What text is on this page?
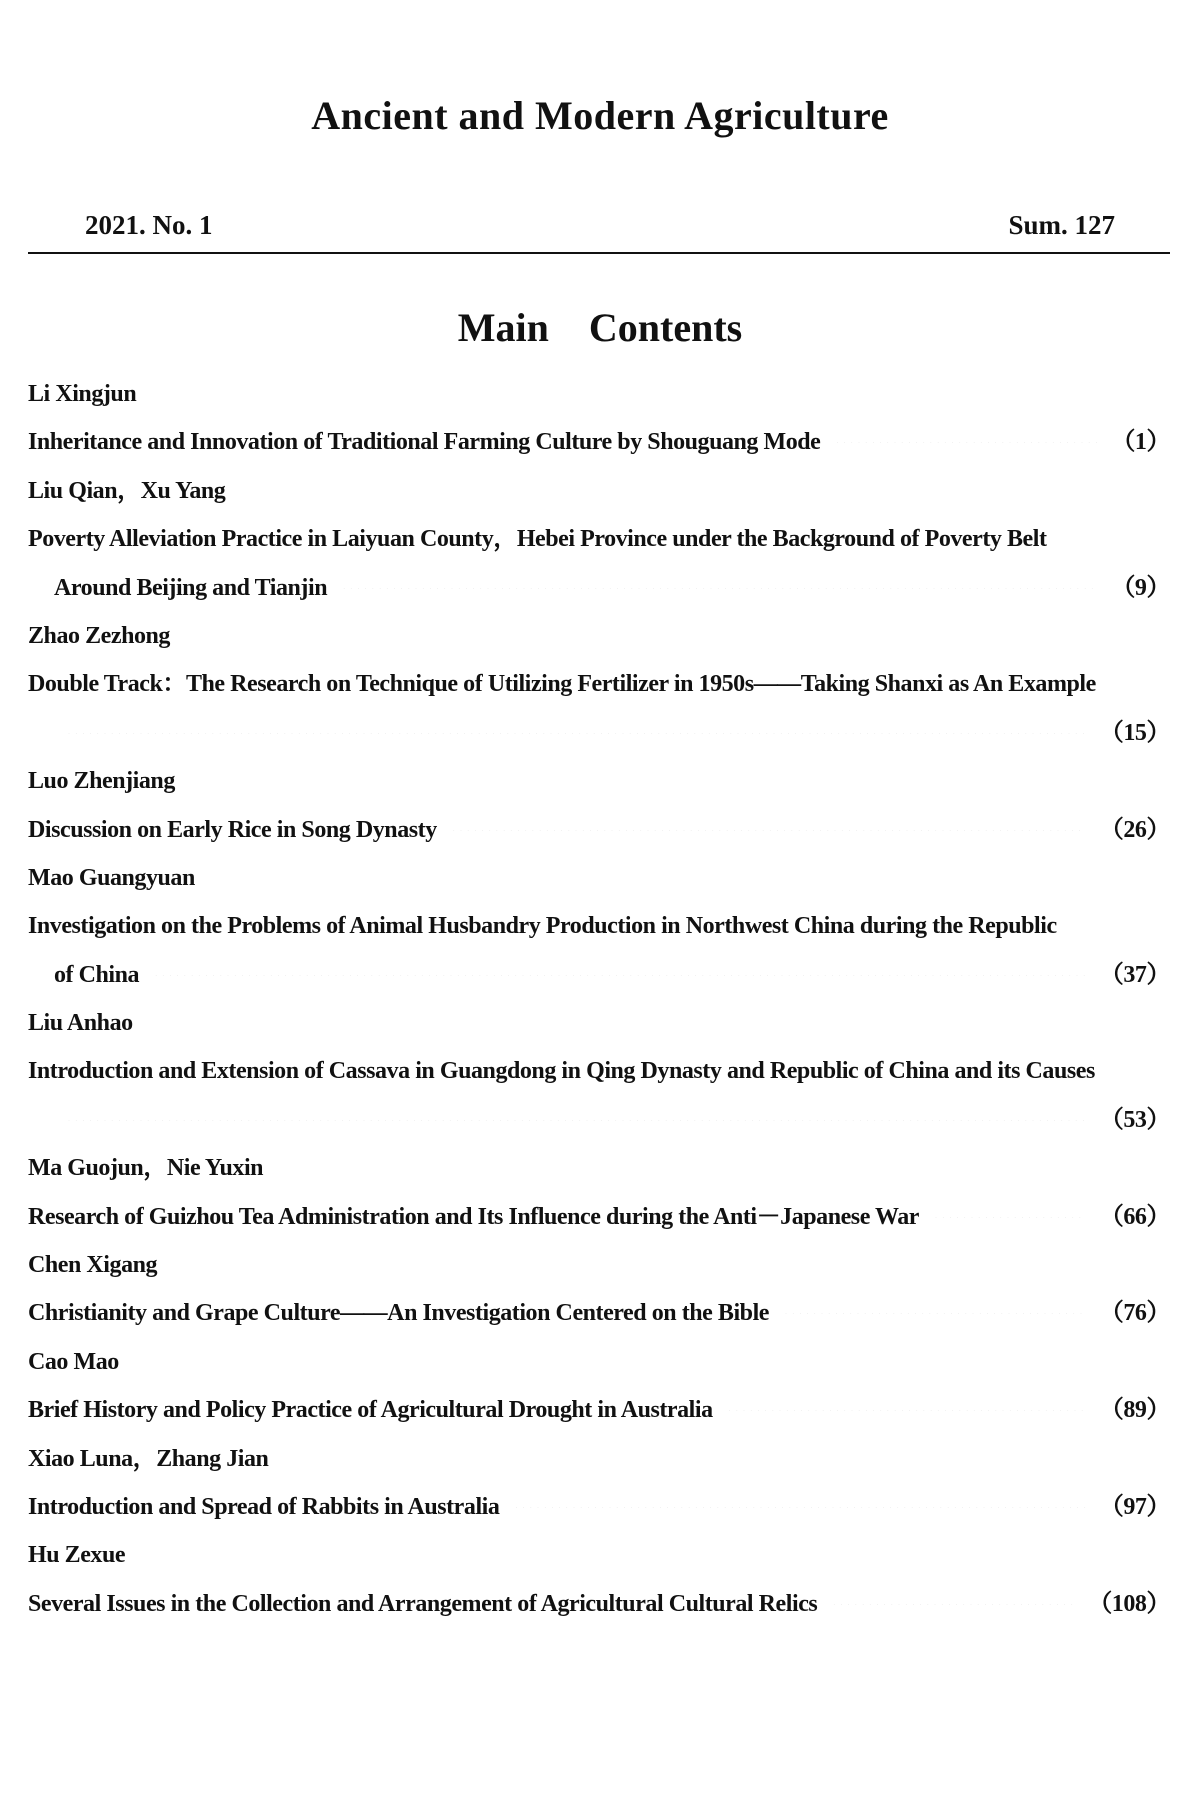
Ancient and Modern Agriculture
2021. No. 1	Sum. 127
Main　Contents
Li Xingjun
Inheritance and Innovation of Traditional Farming Culture by Shouguang Mode ·····	（1）
Liu Qian，Xu Yang
Poverty Alleviation Practice in Laiyuan County，Hebei Province under the Background of Poverty Belt
Around Beijing and Tianjin ·····	（9）
Zhao Zezhong
Double Track：The Research on Technique of Utilizing Fertilizer in 1950s——Taking Shanxi as An Example
·····
（15）
Luo Zhenjiang
Discussion on Early Rice in Song Dynasty ·····	（26）
Mao Guangyuan
Investigation on the Problems of Animal Husbandry Production in Northwest China during the Republic
of China ·····	（37）
Liu Anhao
Introduction and Extension of Cassava in Guangdong in Qing Dynasty and Republic of China and its Causes
·····
（53）
Ma Guojun，Nie Yuxin
Research of Guizhou Tea Administration and Its Influence during the Anti－Japanese War ·····	（66）
Chen Xigang
Christianity and Grape Culture——An Investigation Centered on the Bible ·····	（76）
Cao Mao
Brief History and Policy Practice of Agricultural Drought in Australia ·····	（89）
Xiao Luna，Zhang Jian
Introduction and Spread of Rabbits in Australia ·····	（97）
Hu Zexue
Several Issues in the Collection and Arrangement of Agricultural Cultural Relics ·····	（108）
